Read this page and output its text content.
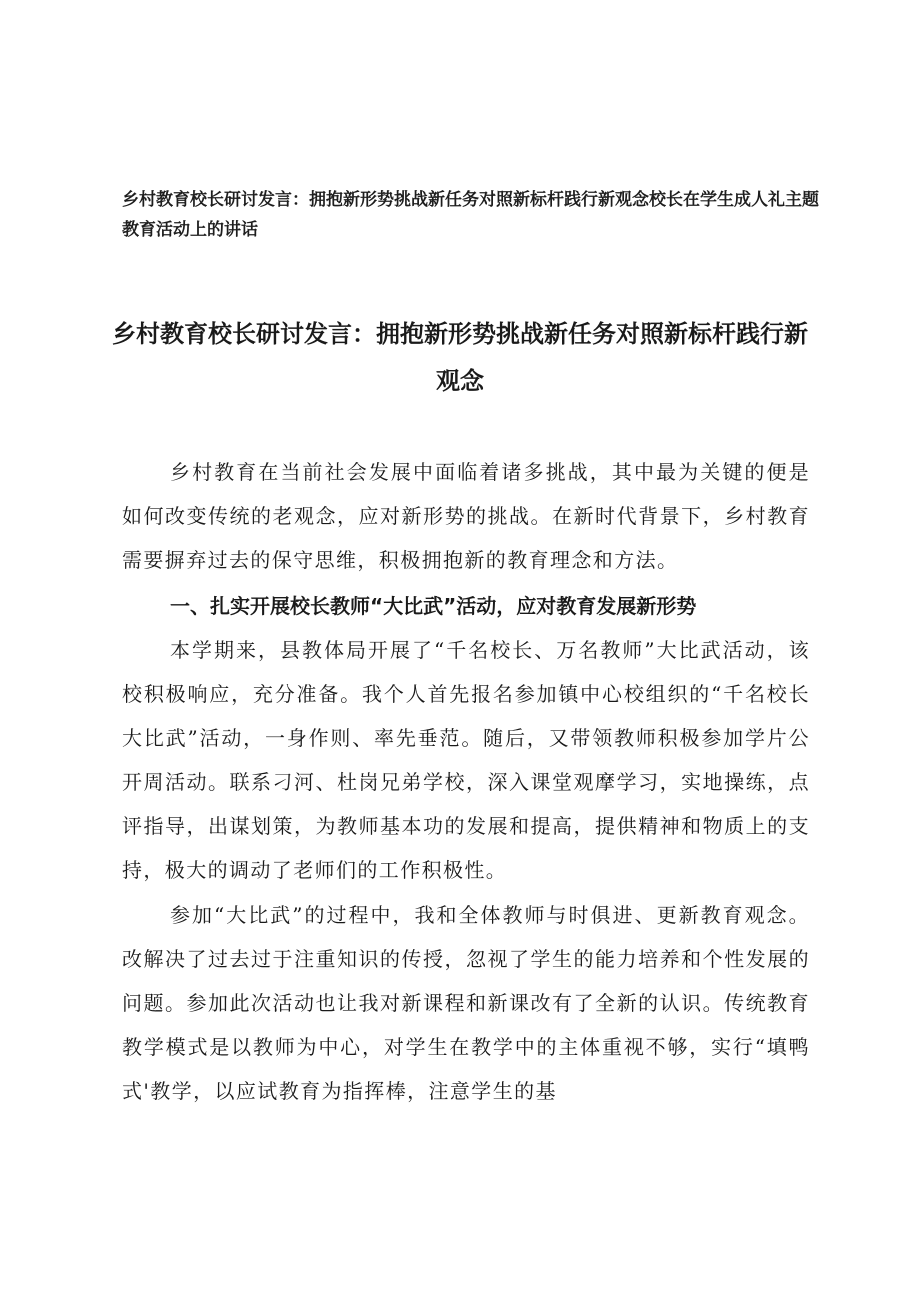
乡村教育校长研讨发言：拥抱新形势挑战新任务对照新标杆践行新观念校长在学生成人礼主题教育活动上的讲话

乡村教育校长研讨发言：拥抱新形势挑战新任务对照新标杆践行新观念

乡村教育在当前社会发展中面临着诸多挑战，其中最为关键的便是如何改变传统的老观念，应对新形势的挑战。在新时代背景下，乡村教育需要摒弃过去的保守思维，积极拥抱新的教育理念和方法。

一、扎实开展校长教师“大比武”活动，应对教育发展新形势

本学期来，县教体局开展了“千名校长、万名教师”大比武活动，该校积极响应，充分准备。我个人首先报名参加镇中心校组织的“千名校长大比武”活动，一身作则、率先垂范。随后，又带领教师积极参加学片公开周活动。联系刁河、杜岗兄弟学校，深入课堂观摩学习，实地操练，点评指导，出谋划策，为教师基本功的发展和提高，提供精神和物质上的支持，极大的调动了老师们的工作积极性。

参加“大比武”的过程中，我和全体教师与时俱进、更新教育观念。改解决了过去过于注重知识的传授，忽视了学生的能力培养和个性发展的问题。参加此次活动也让我对新课程和新课改有了全新的认识。传统教育教学模式是以教师为中心，对学生在教学中的主体重视不够，实行“填鸭式'教学，以应试教育为指挥棒，注意学生的基
